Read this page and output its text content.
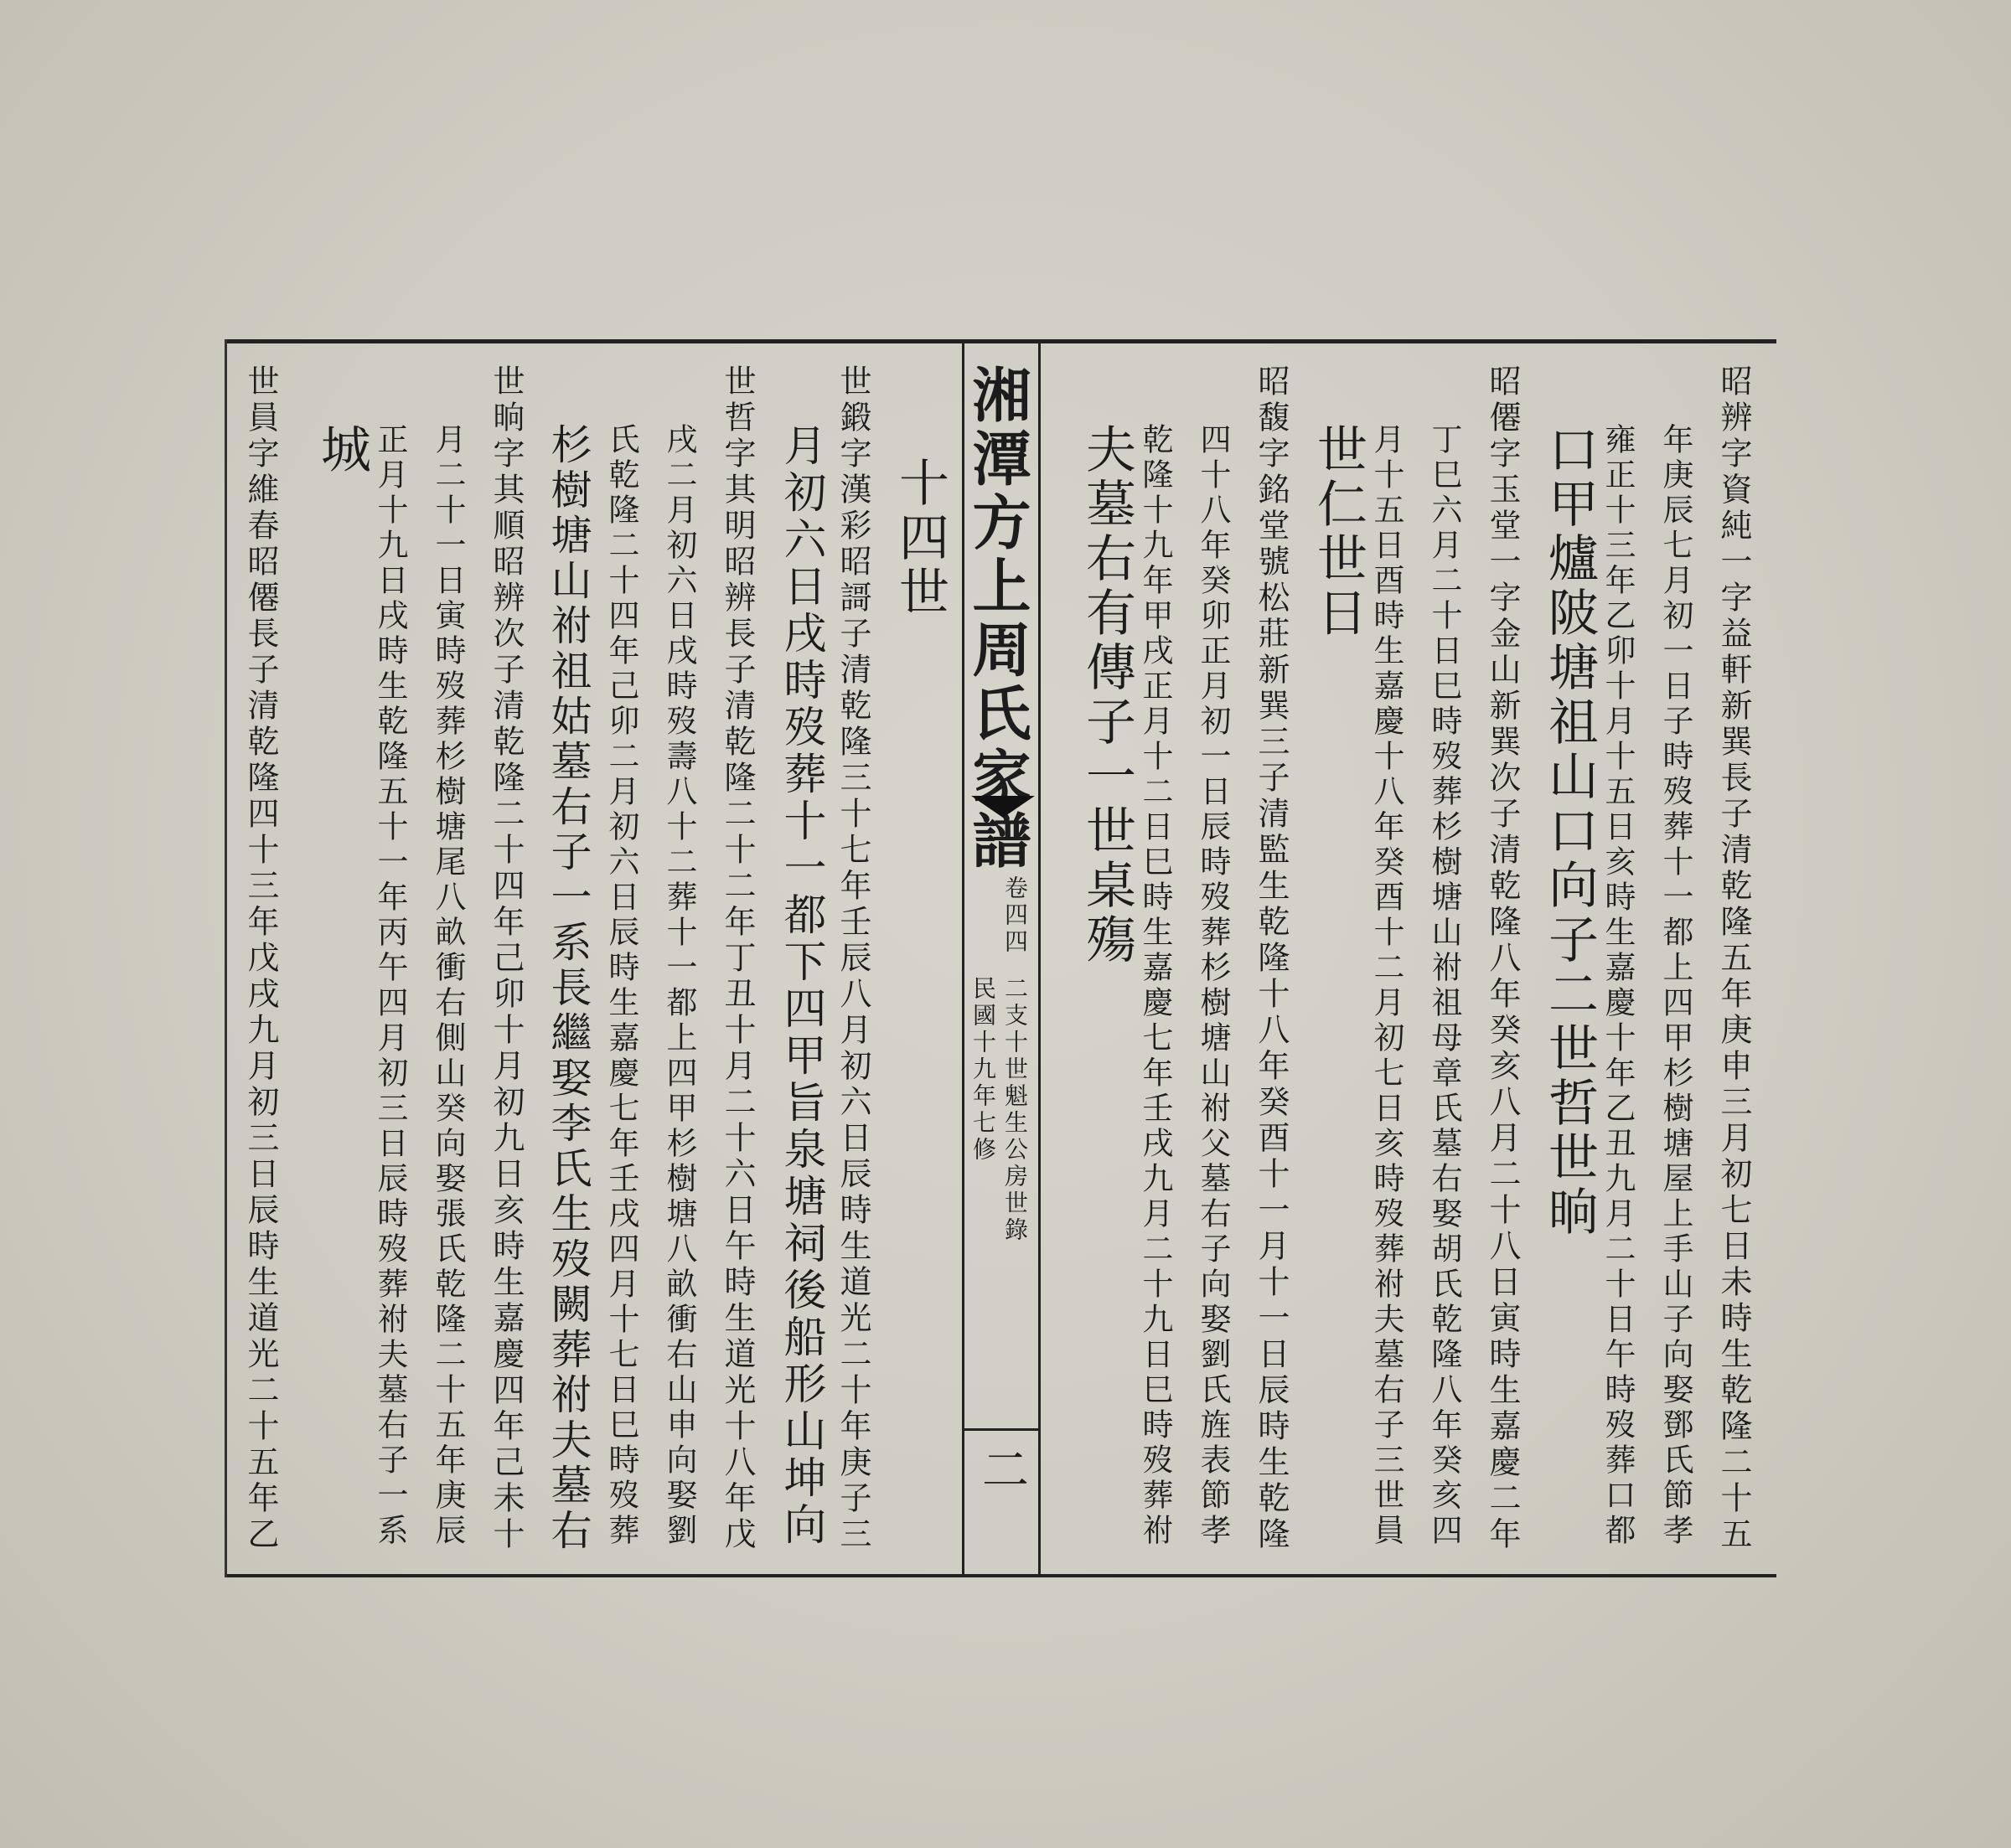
昭辨字資純一字益軒新巽長子清乾隆五年庚申三月初七日未時生乾隆二十五
年庚辰七月初一日子時歿葬十一都上四甲杉樹塘屋上手山子向娶鄧氏節孝
雍正十三年乙卯十月十五日亥時生嘉慶十年乙丑九月二十日午時歿葬口都
口甲爐陂塘祖山口向子二世哲世晌
昭僊字玉堂一字金山新巽次子清乾隆八年癸亥八月二十八日寅時生嘉慶二年
丁巳六月二十日巳時歿葬杉樹塘山祔祖母章氏墓右娶胡氏乾隆八年癸亥四
月十五日酉時生嘉慶十八年癸酉十二月初七日亥時歿葬祔夫墓右子三世員
世仁世日
昭馥字銘堂號松莊新巽三子清監生乾隆十八年癸酉十一月十一日辰時生乾隆
四十八年癸卯正月初一日辰時歿葬杉樹塘山祔父墓右子向娶劉氏旌表節孝
乾隆十九年甲戌正月十二日巳時生嘉慶七年壬戌九月二十九日巳時歿葬祔
夫墓右有傳子一世桌殤
湘潭方上周氏家譜
卷四四
二支十世魁生公房世錄
民國十九年七修
二
十四世
世鍛字漢彩昭謌子清乾隆三十七年壬辰八月初六日辰時生道光二十年庚子三
月初六日戌時歿葬十一都下四甲旨泉塘祠後船形山坤向
世哲字其明昭辨長子清乾隆二十二年丁丑十月二十六日午時生道光十八年戊
戌二月初六日戌時歿壽八十二葬十一都上四甲杉樹塘八畝衝右山申向娶劉
氏乾隆二十四年己卯二月初六日辰時生嘉慶七年壬戌四月十七日巳時歿葬
杉樹塘山祔祖姑墓右子一系長繼娶李氏生歿闕葬祔夫墓右
世晌字其順昭辨次子清乾隆二十四年己卯十月初九日亥時生嘉慶四年己未十
月二十一日寅時歿葬杉樹塘尾八畝衝右側山癸向娶張氏乾隆二十五年庚辰
正月十九日戌時生乾隆五十一年丙午四月初三日辰時歿葬祔夫墓右子一系
城
世員字維春昭僊長子清乾隆四十三年戊戌九月初三日辰時生道光二十五年乙
